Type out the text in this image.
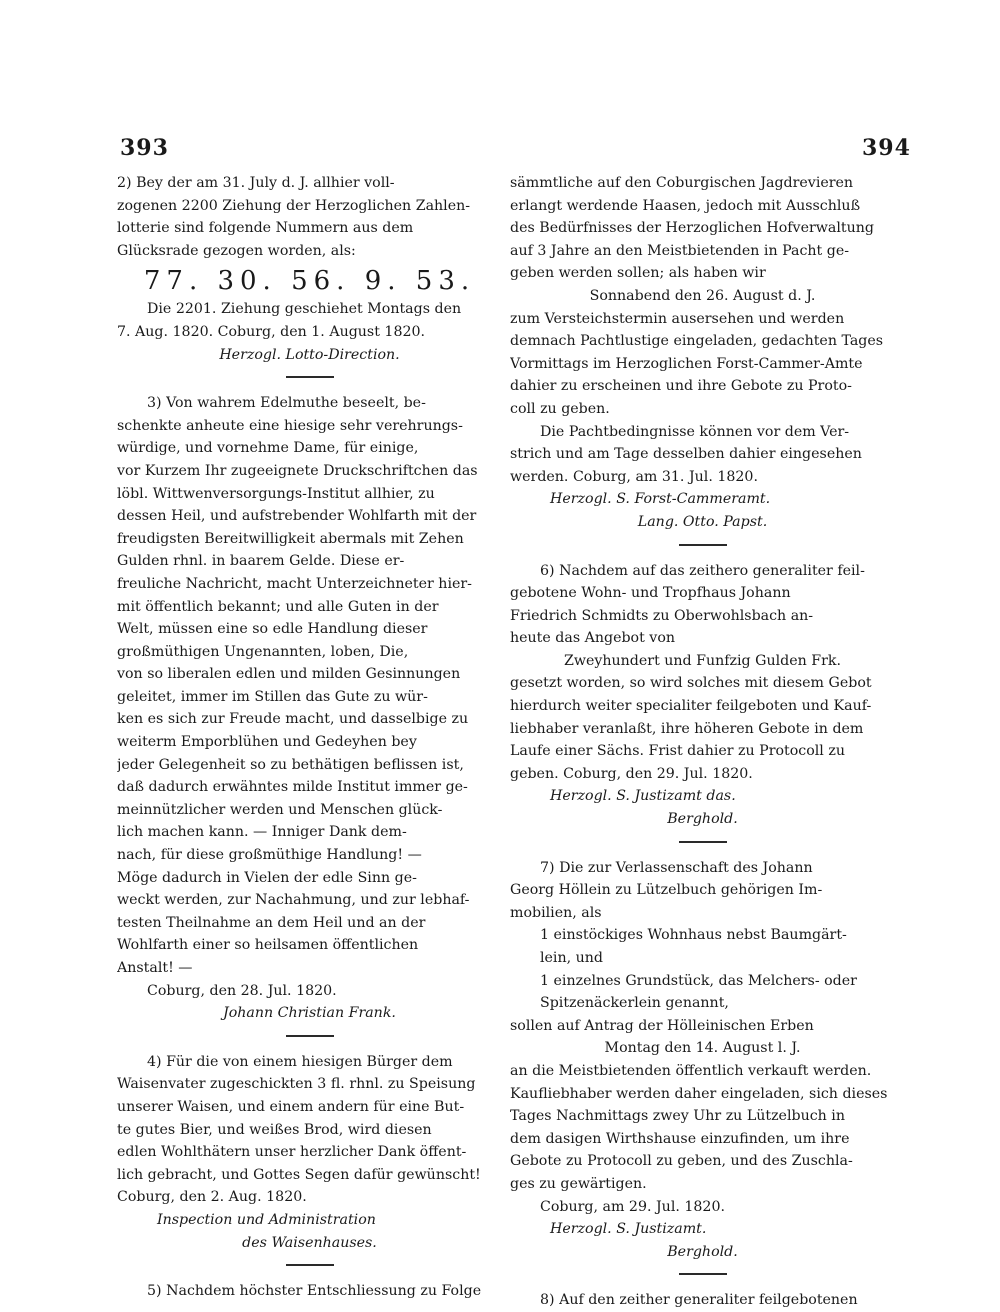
393	394
2) Bey der am 31. July d. J. allhier voll-
zogenen 2200 Ziehung der Herzoglichen Zahlen-
lotterie sind folgende Nummern aus dem
Glücksrade gezogen worden, als:
77. 30. 56. 9. 53.
Die 2201. Ziehung geschiehet Montags den
7. Aug. 1820. Coburg, den 1. August 1820.
Herzogl. Lotto-Direction.
3) Von wahrem Edelmuthe beseelt, be-
schenkte anheute eine hiesige sehr verehrungs-
würdige, und vornehme Dame, für einige,
vor Kurzem Ihr zugeeignete Druckschriftchen das
löbl. Wittwenversorgungs-Institut allhier, zu
dessen Heil, und aufstrebender Wohlfarth mit der
freudigsten Bereitwilligkeit abermals mit Zehen
Gulden rhnl. in baarem Gelde. Diese er-
freuliche Nachricht, macht Unterzeichneter hier-
mit öffentlich bekannt; und alle Guten in der
Welt, müssen eine so edle Handlung dieser
großmüthigen Ungenannten, loben, Die,
von so liberalen edlen und milden Gesinnungen
geleitet, immer im Stillen das Gute zu wür-
ken es sich zur Freude macht, und dasselbige zu
weiterm Emporblühen und Gedeyhen bey
jeder Gelegenheit so zu bethätigen beflissen ist,
daß dadurch erwähntes milde Institut immer ge-
meinnützlicher werden und Menschen glück-
lich machen kann. — Inniger Dank dem-
nach, für diese großmüthige Handlung! —
Möge dadurch in Vielen der edle Sinn ge-
weckt werden, zur Nachahmung, und zur lebhaf-
testen Theilnahme an dem Heil und an der
Wohlfarth einer so heilsamen öffentlichen
Anstalt! —
Coburg, den 28. Jul. 1820.
Johann Christian Frank.
4) Für die von einem hiesigen Bürger dem
Waisenvater zugeschickten 3 fl. rhnl. zu Speisung
unserer Waisen, und einem andern für eine But-
te gutes Bier, und weißes Brod, wird diesen
edlen Wohlthätern unser herzlicher Dank öffent-
lich gebracht, und Gottes Segen dafür gewünscht!
Coburg, den 2. Aug. 1820.
Inspection und Administration
des Waisenhauses.
5) Nachdem höchster Entschliessung zu Folge
sämmtliche auf den Coburgischen Jagdrevieren
erlangt werdende Haasen, jedoch mit Ausschluß
des Bedürfnisses der Herzoglichen Hofverwaltung
auf 3 Jahre an den Meistbietenden in Pacht ge-
geben werden sollen; als haben wir
Sonnabend den 26. August d. J.
zum Versteichstermin ausersehen und werden
demnach Pachtlustige eingeladen, gedachten Tages
Vormittags im Herzoglichen Forst-Cammer-Amte
dahier zu erscheinen und ihre Gebote zu Proto-
coll zu geben.
Die Pachtbedingnisse können vor dem Ver-
strich und am Tage desselben dahier eingesehen
werden. Coburg, am 31. Jul. 1820.
Herzogl. S. Forst-Cammeramt.
Lang. Otto. Papst.
6) Nachdem auf das zeithero generaliter feil-
gebotene Wohn- und Tropfhaus Johann
Friedrich Schmidts zu Oberwohlsbach an-
heute das Angebot von
Zweyhundert und Funfzig Gulden Frk.
gesetzt worden, so wird solches mit diesem Gebot
hierdurch weiter specialiter feilgeboten und Kauf-
liebhaber veranlaßt, ihre höheren Gebote in dem
Laufe einer Sächs. Frist dahier zu Protocoll zu
geben. Coburg, den 29. Jul. 1820.
Herzogl. S. Justizamt das.
Berghold.
7) Die zur Verlassenschaft des Johann
Georg Höllein zu Lützelbuch gehörigen Im-
mobilien, als
1 einstöckiges Wohnhaus nebst Baumgärt-
lein, und
1 einzelnes Grundstück, das Melchers- oder
Spitzenäckerlein genannt,
sollen auf Antrag der Hölleinischen Erben
Montag den 14. August l. J.
an die Meistbietenden öffentlich verkauft werden.
Kaufliebhaber werden daher eingeladen, sich dieses
Tages Nachmittags zwey Uhr zu Lützelbuch in
dem dasigen Wirthshause einzufinden, um ihre
Gebote zu Protocoll zu geben, und des Zuschla-
ges zu gewärtigen.
Coburg, am 29. Jul. 1820.
Herzogl. S. Justizamt.
Berghold.
8) Auf den zeither generaliter feilgebotenen
